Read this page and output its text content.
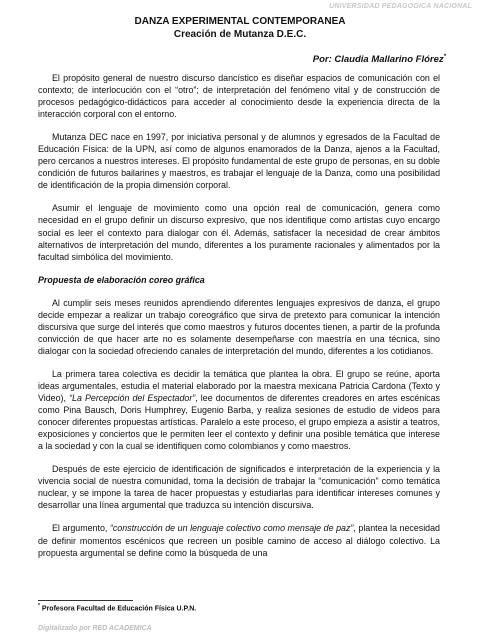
UNIVERSIDAD PEDAGOGICA NACIONAL

DANZA EXPERIMENTAL CONTEMPORANEA

Creación de Mutanza D.E.C.

Por: Claudia Mallarino Flórez*

El propósito general de nuestro discurso dancístico es diseñar espacios de comunicación con el contexto; de interlocución con el “otro”; de interpretación del fenómeno vital y de construcción de procesos pedagógico-didácticos para acceder al conocimiento desde la experiencia directa de la interacción corporal con el entorno.

Mutanza DEC nace en 1997, por iniciativa personal y de alumnos y egresados de la Facultad de Educación Física: de la UPN, así como de algunos enamorados de la Danza, ajenos a la Facultad, pero cercanos a nuestros intereses. El propósito fundamental de este grupo de personas, en su doble condición de futuros bailarines y maestros, es trabajar el lenguaje de la Danza, como una posibilidad de identificación de la propia dimensión corporal.

Asumir el lenguaje de movimiento como una opción real de comunicación, genera como necesidad en el grupo definir un discurso expresivo, que nos identifique como artistas cuyo encargo social es leer el contexto para dialogar con él. Además, satisfacer la necesidad de crear ámbitos alternativos de interpretación del mundo, diferentes a los puramente racionales y alimentados por la facultad simbólica del movimiento.

Propuesta de elaboración coreo gráfica

Al cumplir seis meses reunidos aprendiendo diferentes lenguajes expresivos de danza, el grupo decide empezar a realizar un trabajo coreográfico que sirva de pretexto para comunicar la intención discursiva que surge del interés que como maestros y futuros docentes tienen, a partir de la profunda convicción de que hacer arte no es solamente desempeñarse con maestría en una técnica, sino dialogar con la sociedad ofreciendo canales de interpretación del mundo, diferentes a los cotidianos.

La primera tarea colectiva es decidir la temática que plantea la obra. El grupo se reúne, aporta ideas argumentales, estudia el material elaborado por la maestra mexicana Patricia Cardona (Texto y Video), “La Percepción del Espectador”, lee documentos de diferentes creadores en artes escénicas como Pina Bausch, Doris Humphrey, Eugenio Barba, y realiza sesiones de estudio de videos para conocer diferentes propuestas artísticas. Paralelo a este proceso, el grupo empieza a asistir a teatros, exposiciones y conciertos que le permiten leer el contexto y definir una posible temática que interese a la sociedad y con la cual se identifiquen como colombianos y como maestros.

Después de este ejercicio de identificación de significados e interpretación de la experiencia y la vivencia social de nuestra comunidad, toma la decisión de trabajar la “comunicación” como temática nuclear, y se impone la tarea de hacer propuestas y estudiarlas para identificar intereses comunes y desarrollar una línea argumental que traduzca su intención discursiva.

El argumento, “construcción de un lenguaje colectivo como mensaje de paz”, plantea la necesidad de definir momentos escénicos que recreen un posible camino de acceso al diálogo colectivo. La propuesta argumental se define como la búsqueda de una

* Profesora Facultad de Educación Física U.P.N.
Digitalizado por RED ACADEMICA
